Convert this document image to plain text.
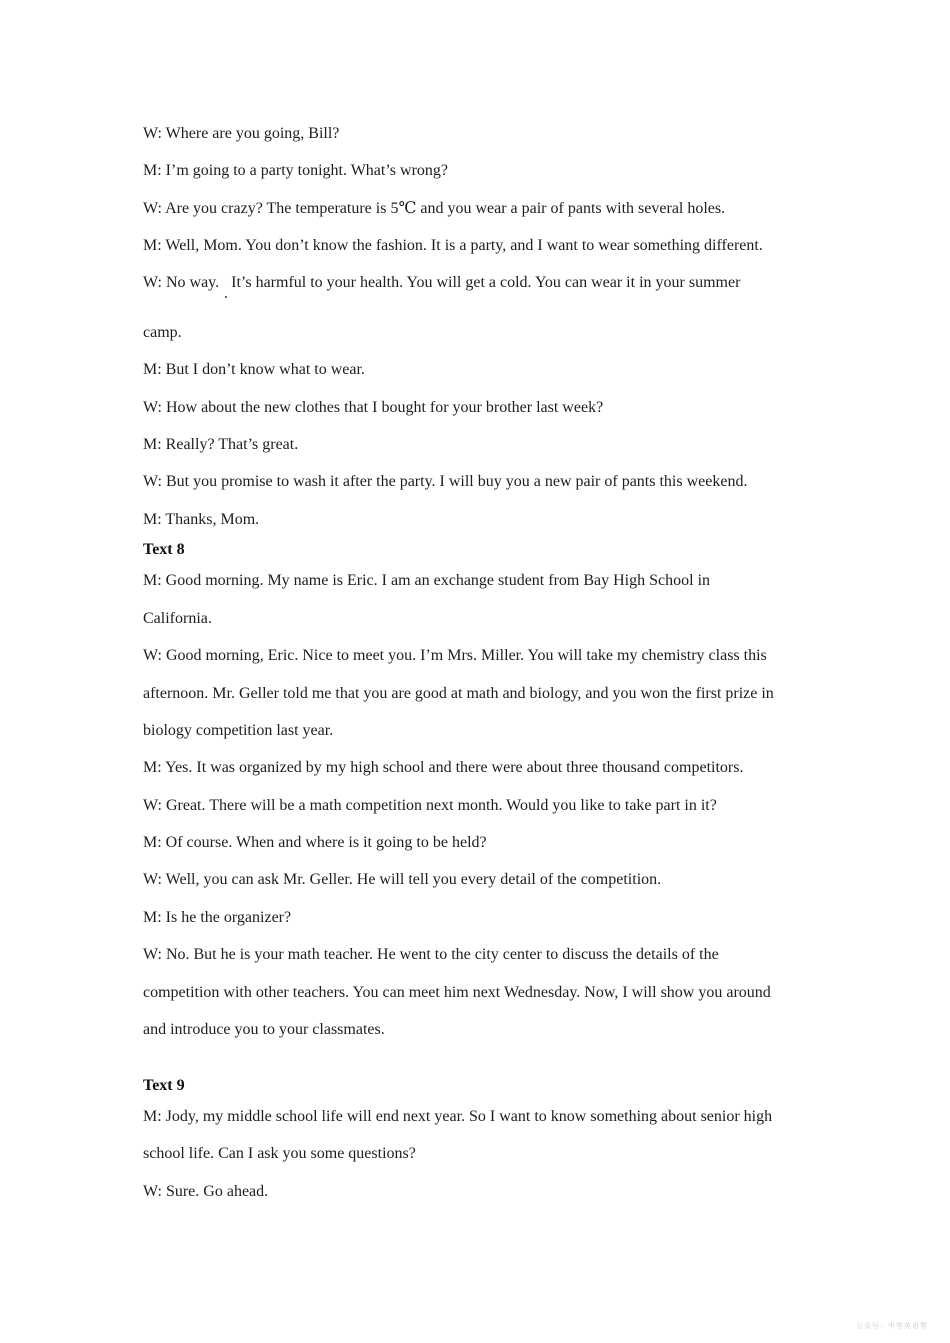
W: Where are you going, Bill?
M: I’m going to a party tonight. What’s wrong?
W: Are you crazy? The temperature is 5℃ and you wear a pair of pants with several holes.
M: Well, Mom. You don’t know the fashion. It is a party, and I want to wear something different.
W: No way.   It’s harmful to your health. You will get a cold. You can wear it in your summer
camp.
M: But I don’t know what to wear.
W: How about the new clothes that I bought for your brother last week?
M: Really? That’s great.
W: But you promise to wash it after the party. I will buy you a new pair of pants this weekend.
M: Thanks, Mom.
Text 8
M: Good morning. My name is Eric. I am an exchange student from Bay High School in
California.
W: Good morning, Eric. Nice to meet you. I’m Mrs. Miller. You will take my chemistry class this
afternoon. Mr. Geller told me that you are good at math and biology, and you won the first prize in
biology competition last year.
M: Yes. It was organized by my high school and there were about three thousand competitors.
W: Great. There will be a math competition next month. Would you like to take part in it?
M: Of course. When and where is it going to be held?
W: Well, you can ask Mr. Geller. He will tell you every detail of the competition.
M: Is he the organizer?
W: No. But he is your math teacher. He went to the city center to discuss the details of the
competition with other teachers. You can meet him next Wednesday. Now, I will show you around
and introduce you to your classmates.
Text 9
M: Jody, my middle school life will end next year. So I want to know something about senior high
school life. Can I ask you some questions?
W: Sure. Go ahead.
公众号：中学英语帮
